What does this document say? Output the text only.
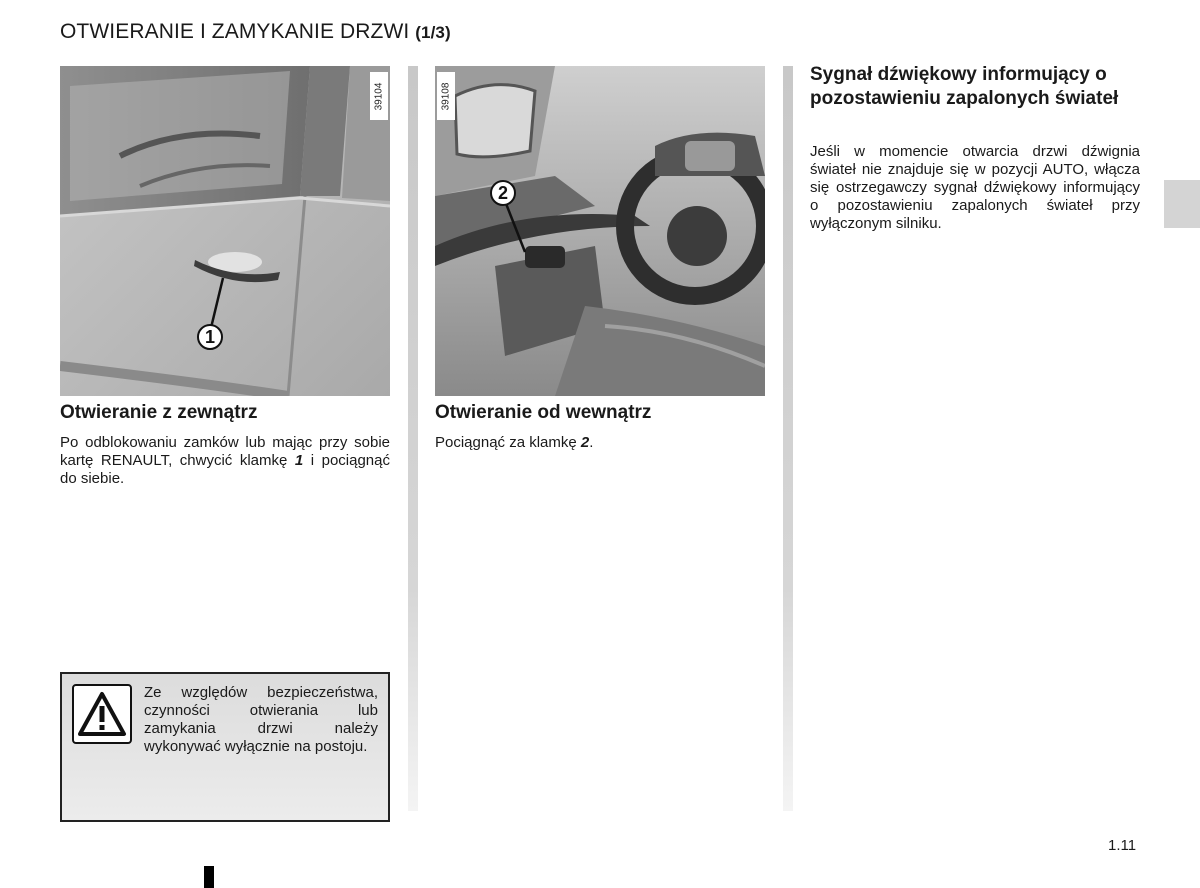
OTWIERANIE I ZAMYKANIE DRZWI (1/3)
39104
1
39108
2
Otwieranie z zewnątrz
Po odblokowaniu zamków lub mając przy sobie kartę RENAULT, chwycić klamkę 1 i pociągnąć do siebie.
Otwieranie od wewnątrz
Pociągnąć za klamkę 2.
Sygnał dźwiękowy informujący o pozostawieniu zapalonych świateł
Jeśli w momencie otwarcia drzwi dźwignia świateł nie znajduje się w pozycji AUTO, włącza się ostrzegawczy sygnał dźwiękowy informujący o pozostawieniu zapalonych świateł przy wyłączonym silniku.
Ze względów bezpieczeństwa, czynności otwierania lub zamykania drzwi należy wykonywać wyłącznie na postoju.
1.11
